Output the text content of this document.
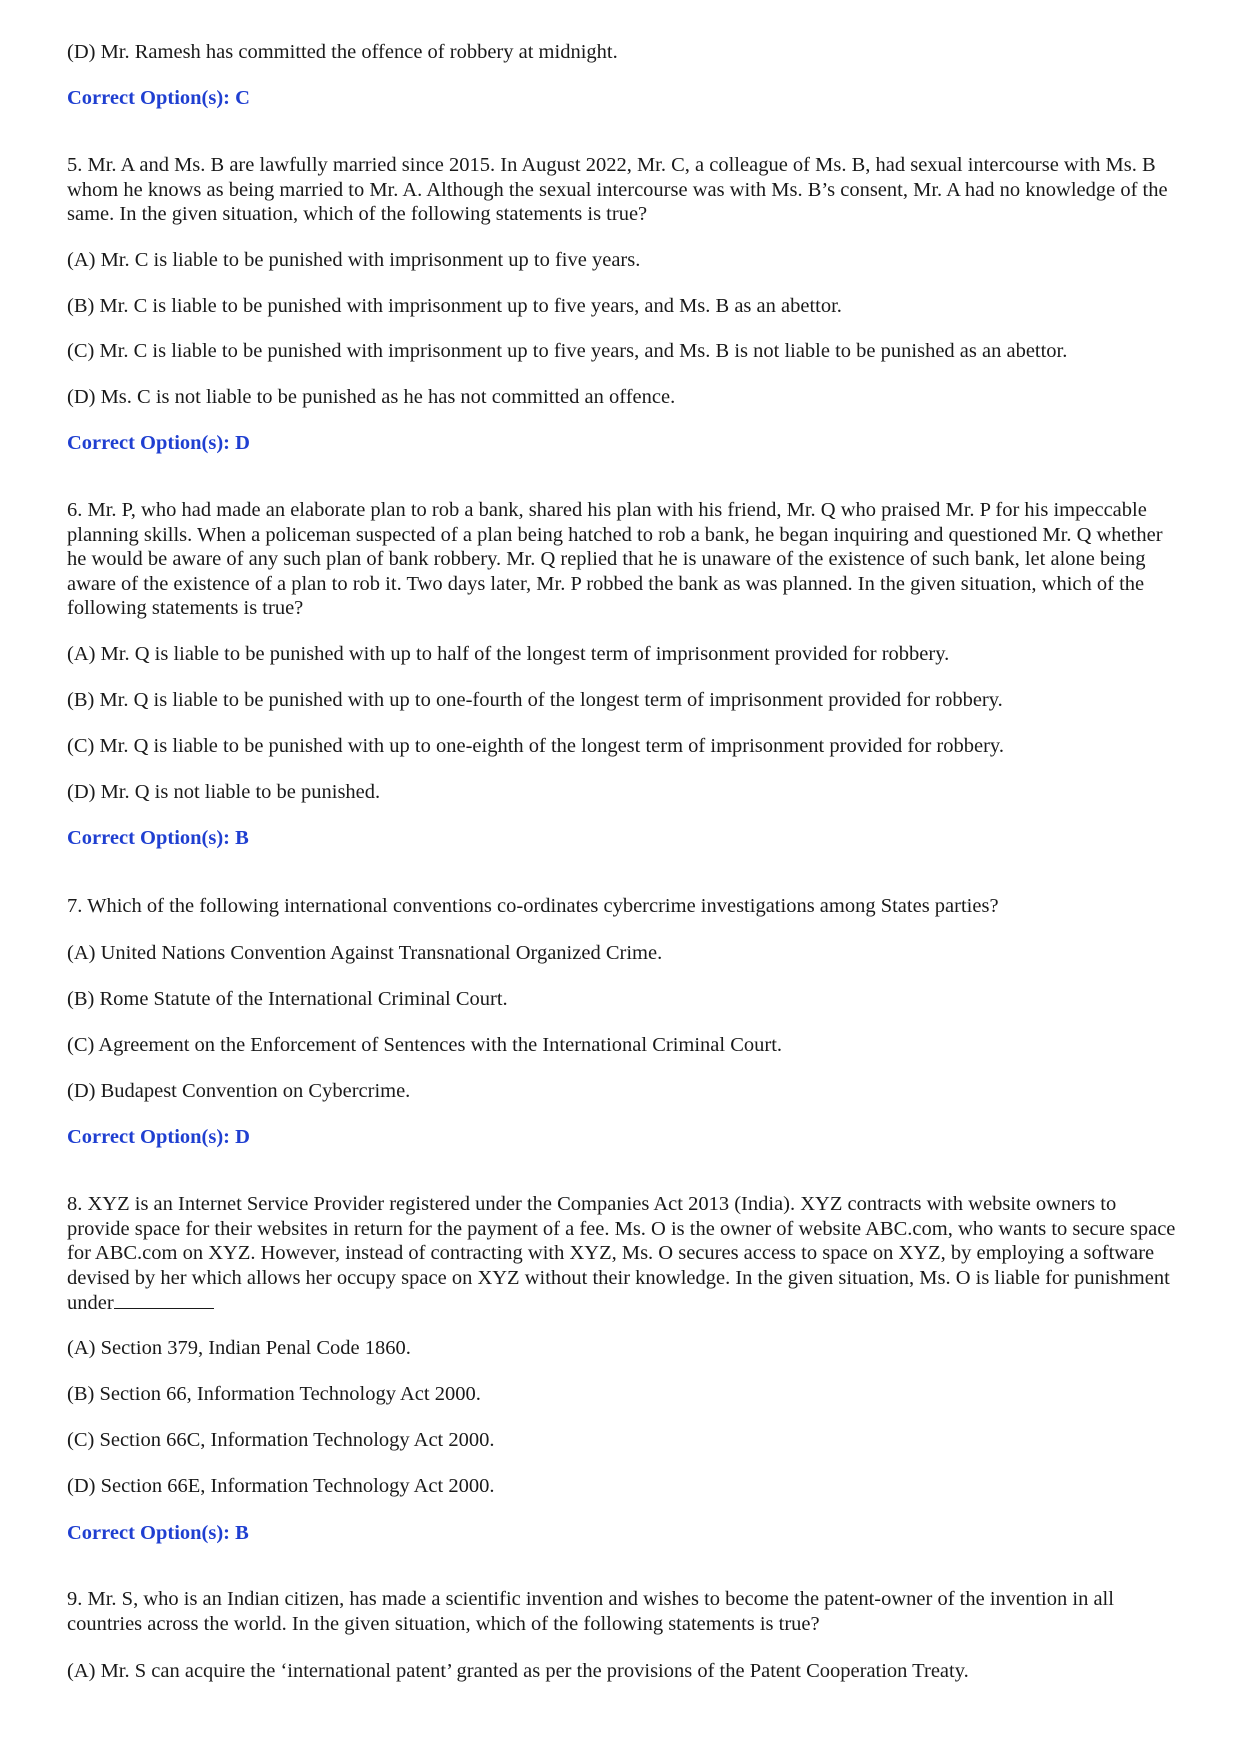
(D) Mr. Ramesh has committed the offence of robbery at midnight.
Correct Option(s): C
5. Mr. A and Ms. B are lawfully married since 2015. In August 2022, Mr. C, a colleague of Ms. B, had sexual intercourse with Ms. B whom he knows as being married to Mr. A. Although the sexual intercourse was with Ms. B’s consent, Mr. A had no knowledge of the same. In the given situation, which of the following statements is true?
(A) Mr. C is liable to be punished with imprisonment up to five years.
(B) Mr. C is liable to be punished with imprisonment up to five years, and Ms. B as an abettor.
(C) Mr. C is liable to be punished with imprisonment up to five years, and Ms. B is not liable to be punished as an abettor.
(D) Ms. C is not liable to be punished as he has not committed an offence.
Correct Option(s): D
6. Mr. P, who had made an elaborate plan to rob a bank, shared his plan with his friend, Mr. Q who praised Mr. P for his impeccable planning skills. When a policeman suspected of a plan being hatched to rob a bank, he began inquiring and questioned Mr. Q whether he would be aware of any such plan of bank robbery. Mr. Q replied that he is unaware of the existence of such bank, let alone being aware of the existence of a plan to rob it. Two days later, Mr. P robbed the bank as was planned. In the given situation, which of the following statements is true?
(A) Mr. Q is liable to be punished with up to half of the longest term of imprisonment provided for robbery.
(B) Mr. Q is liable to be punished with up to one-fourth of the longest term of imprisonment provided for robbery.
(C) Mr. Q is liable to be punished with up to one-eighth of the longest term of imprisonment provided for robbery.
(D) Mr. Q is not liable to be punished.
Correct Option(s): B
7. Which of the following international conventions co-ordinates cybercrime investigations among States parties?
(A) United Nations Convention Against Transnational Organized Crime.
(B) Rome Statute of the International Criminal Court.
(C) Agreement on the Enforcement of Sentences with the International Criminal Court.
(D) Budapest Convention on Cybercrime.
Correct Option(s): D
8. XYZ is an Internet Service Provider registered under the Companies Act 2013 (India). XYZ contracts with website owners to provide space for their websites in return for the payment of a fee. Ms. O is the owner of website ABC.com, who wants to secure space for ABC.com on XYZ. However, instead of contracting with XYZ, Ms. O secures access to space on XYZ, by employing a software devised by her which allows her occupy space on XYZ without their knowledge. In the given situation, Ms. O is liable for punishment under
(A) Section 379, Indian Penal Code 1860.
(B) Section 66, Information Technology Act 2000.
(C) Section 66C, Information Technology Act 2000.
(D) Section 66E, Information Technology Act 2000.
Correct Option(s): B
9. Mr. S, who is an Indian citizen, has made a scientific invention and wishes to become the patent-owner of the invention in all countries across the world. In the given situation, which of the following statements is true?
(A) Mr. S can acquire the ‘international patent’ granted as per the provisions of the Patent Cooperation Treaty.
